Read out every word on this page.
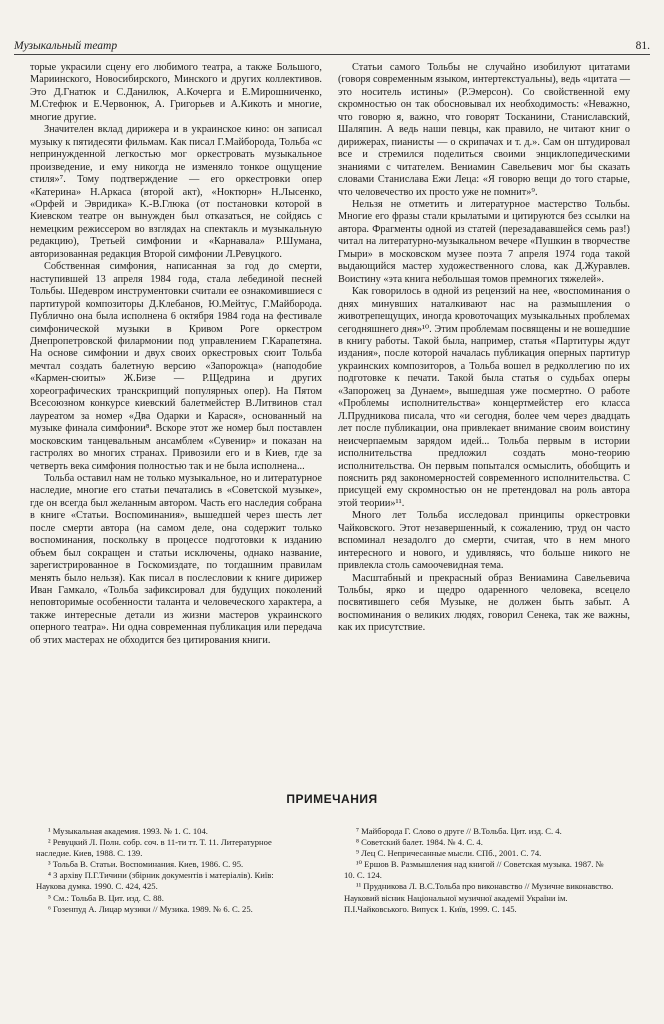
Музыкальный театр	81.

торые украсили сцену его любимого театра, а также Большого, Мариинского, Новосибирского, Минского и других коллективов. Это Д.Гнатюк и С.Данилюк, А.Кочерга и Е.Мирошниченко, М.Стефюк и Е.Червонюк, А. Григорьев и А.Кикоть и многие, многие другие.

Значителен вклад дирижера и в украинское кино: он записал музыку к пятидесяти фильмам. Как писал Г.Майборода, Тольба «с непринужденной легкостью мог оркестровать музыкальное произведение, и ему никогда не изменяло тонкое ощущение стиля»⁷. Тому подтверждение — его оркестровки опер «Катерина» Н.Аркаса (второй акт), «Ноктюрн» Н.Лысенко, «Орфей и Эвридика» К.-В.Глюка (от постановки которой в Киевском театре он вынужден был отказаться, не сойдясь с немецким режиссером во взглядах на спектакль и музыкальную редакцию), Третьей симфонии и «Карнавала» Р.Шумана, авторизованная редакция Второй симфонии Л.Ревуцкого.

Собственная симфония, написанная за год до смерти, наступившей 13 апреля 1984 года, стала лебединой песней Тольбы. Шедевром инструментовки считали ее ознакомившиеся с партитурой композиторы Д.Клебанов, Ю.Мейтус, Г.Майборода. Публично она была исполнена 6 октября 1984 года на фестивале симфонической музыки в Кривом Роге оркестром Днепропетровской филармонии под управлением Г.Карапетяна. На основе симфонии и двух своих оркестровых сюит Тольба мечтал создать балетную версию «Запорожца» (наподобие «Кармен-сюиты» Ж.Бизе — Р.Щедрина и других хореографических транскрипций популярных опер). На Пятом Всесоюзном конкурсе киевский балетмейстер В.Литвинов стал лауреатом за номер «Два Одарки и Карася», основанный на музыке финала симфонии⁸. Вскоре этот же номер был поставлен московским танцевальным ансамблем «Сувенир» и показан на гастролях во многих странах. Привозили его и в Киев, где за четверть века симфония полностью так и не была исполнена...

Тольба оставил нам не только музыкальное, но и литературное наследие, многие его статьи печатались в «Советской музыке», где он всегда был желанным автором. Часть его наследия собрана в книге «Статьи. Воспоминания», вышедшей через шесть лет после смерти автора (на самом деле, она содержит только воспоминания, поскольку в процессе подготовки к изданию объем был сокращен и статьи исключены, однако название, зарегистрированное в Госкомиздате, по тогдашним правилам менять было нельзя). Как писал в послесловии к книге дирижер Иван Гамкало, «Тольба зафиксировал для будущих поколений неповторимые особенности таланта и человеческого характера, а также интересные детали из жизни мастеров украинского оперного театра». Ни одна современная публикация или передача об этих мастерах не обходится без цитирования книги.

Статьи самого Тольбы не случайно изобилуют цитатами (говоря современным языком, интертекстуальны), ведь «цитата — это носитель истины» (Р.Эмерсон). Со свойственной ему скромностью он так обосновывал их необходимость: «Неважно, что говорю я, важно, что говорят Тосканини, Станиславский, Шаляпин. А ведь наши певцы, как правило, не читают книг о дирижерах, пианисты — о скрипачах и т. д.». Сам он штудировал все и стремился поделиться своими энциклопедическими знаниями с читателем. Вениамин Савельевич мог бы сказать словами Станислава Ежи Леца: «Я говорю вещи до того старые, что человечество их просто уже не помнит»⁹.

Нельзя не отметить и литературное мастерство Тольбы. Многие его фразы стали крылатыми и цитируются без ссылки на автора. Фрагменты одной из статей (перезадававшейся семь раз!) читал на литературно-музыкальном вечере «Пушкин в творчестве Гмыри» в московском музее поэта 7 апреля 1974 года такой выдающийся мастер художественного слова, как Д.Журавлев. Воистину «эта книга небольшая томов премногих тяжелей».

Как говорилось в одной из рецензий на нее, «воспоминания о днях минувших наталкивают нас на размышления о животрепещущих, иногда кровоточащих музыкальных проблемах сегодняшнего дня»¹⁰. Этим проблемам посвящены и не вошедшие в книгу работы. Такой была, например, статья «Партитуры ждут издания», после которой началась публикация оперных партитур украинских композиторов, а Тольба вошел в редколлегию по их подготовке к печати. Такой была статья о судьбах оперы «Запорожец за Дунаем», вышедшая уже посмертно. О работе «Проблемы исполнительства» концертмейстер его класса Л.Прудникова писала, что «и сегодня, более чем через двадцать лет после публикации, она привлекает внимание своим воистину неисчерпаемым зарядом идей... Тольба первым в истории исполнительства предложил создать моно-теорию исполнительства. Он первым попытался осмыслить, обобщить и пояснить ряд закономерностей современного исполнительства. С присущей ему скромностью он не претендовал на роль автора этой теории»¹¹.

Много лет Тольба исследовал принципы оркестровки Чайковского. Этот незавершенный, к сожалению, труд он часто вспоминал незадолго до смерти, считая, что в нем много интересного и нового, и удивляясь, что больше никого не привлекла столь самоочевидная тема.

Масштабный и прекрасный образ Вениамина Савельевича Тольбы, ярко и щедро одаренного человека, всецело посвятившего себя Музыке, не должен быть забыт. А воспоминания о великих людях, говорил Сенека, так же важны, как их присутствие.

ПРИМЕЧАНИЯ

¹ Музыкальная академия. 1993. № 1. С. 104.

² Ревуцкий Л. Полн. собр. соч. в 11-ти тт. Т. 11. Литературное наследие. Киев, 1988. С. 139.

³ Тольба В. Статьи. Воспоминания. Киев, 1986. С. 95.

⁴ З архіву П.Г.Тичини (збірник документів і матеріалів). Київ: Наукова думка. 1990. С. 424, 425.

⁵ См.: Тольба В. Цит. изд. С. 88.

⁶ Гозенпуд А. Лицар музики // Музика. 1989. № 6. С. 25.

⁷ Майборода Г. Слово о друге // В.Тольба. Цит. изд. С. 4.

⁸ Советский балет. 1984. № 4. С. 4.

⁹ Лец С. Непричесанные мысли. СПб., 2001. С. 74.

¹⁰ Ершов В. Размышления над книгой // Советская музыка. 1987. № 10. С. 124.

¹¹ Прудникова Л. В.С.Тольба про виконавство // Музичне виконавство. Науковий вісник Національної музичної академії України ім. П.І.Чайковського. Випуск 1. Київ, 1999. С. 145.
